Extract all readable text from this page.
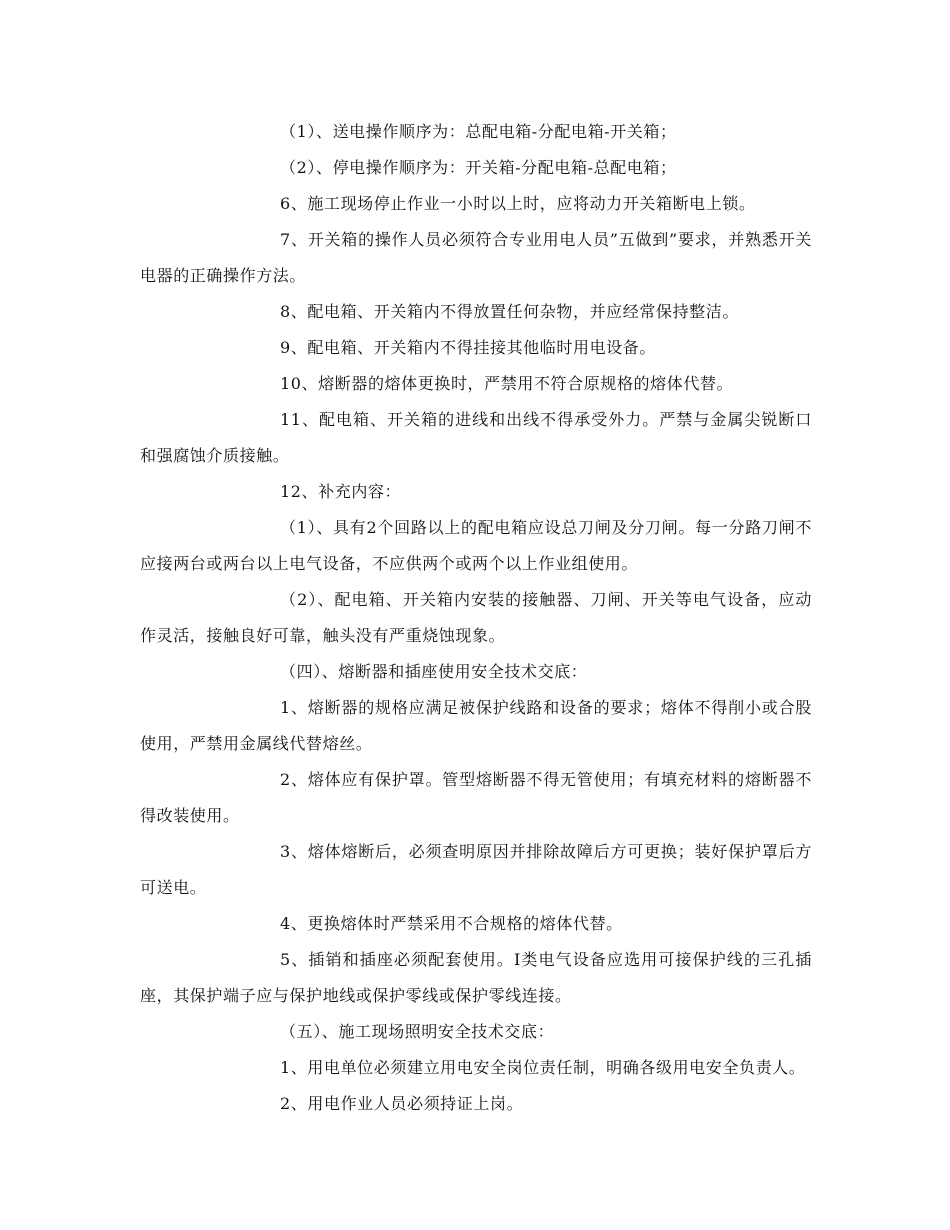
（1）、送电操作顺序为：总配电箱-分配电箱-开关箱；

（2）、停电操作顺序为：开关箱-分配电箱-总配电箱；

6、施工现场停止作业一小时以上时，应将动力开关箱断电上锁。

7、开关箱的操作人员必须符合专业用电人员”五做到”要求，并熟悉开关电器的正确操作方法。

8、配电箱、开关箱内不得放置任何杂物，并应经常保持整洁。

9、配电箱、开关箱内不得挂接其他临时用电设备。

10、熔断器的熔体更换时，严禁用不符合原规格的熔体代替。

11、配电箱、开关箱的进线和出线不得承受外力。严禁与金属尖锐断口和强腐蚀介质接触。

12、补充内容：

（1）、具有2个回路以上的配电箱应设总刀闸及分刀闸。每一分路刀闸不应接两台或两台以上电气设备，不应供两个或两个以上作业组使用。

（2）、配电箱、开关箱内安装的接触器、刀闸、开关等电气设备，应动作灵活，接触良好可靠，触头没有严重烧蚀现象。

（四）、熔断器和插座使用安全技术交底：

1、熔断器的规格应满足被保护线路和设备的要求；熔体不得削小或合股使用，严禁用金属线代替熔丝。

2、熔体应有保护罩。管型熔断器不得无管使用；有填充材料的熔断器不得改装使用。

3、熔体熔断后，必须查明原因并排除故障后方可更换；装好保护罩后方可送电。

4、更换熔体时严禁采用不合规格的熔体代替。

5、插销和插座必须配套使用。Ⅰ类电气设备应选用可接保护线的三孔插座，其保护端子应与保护地线或保护零线或保护零线连接。

（五）、施工现场照明安全技术交底：

1、用电单位必须建立用电安全岗位责任制，明确各级用电安全负责人。

2、用电作业人员必须持证上岗。
